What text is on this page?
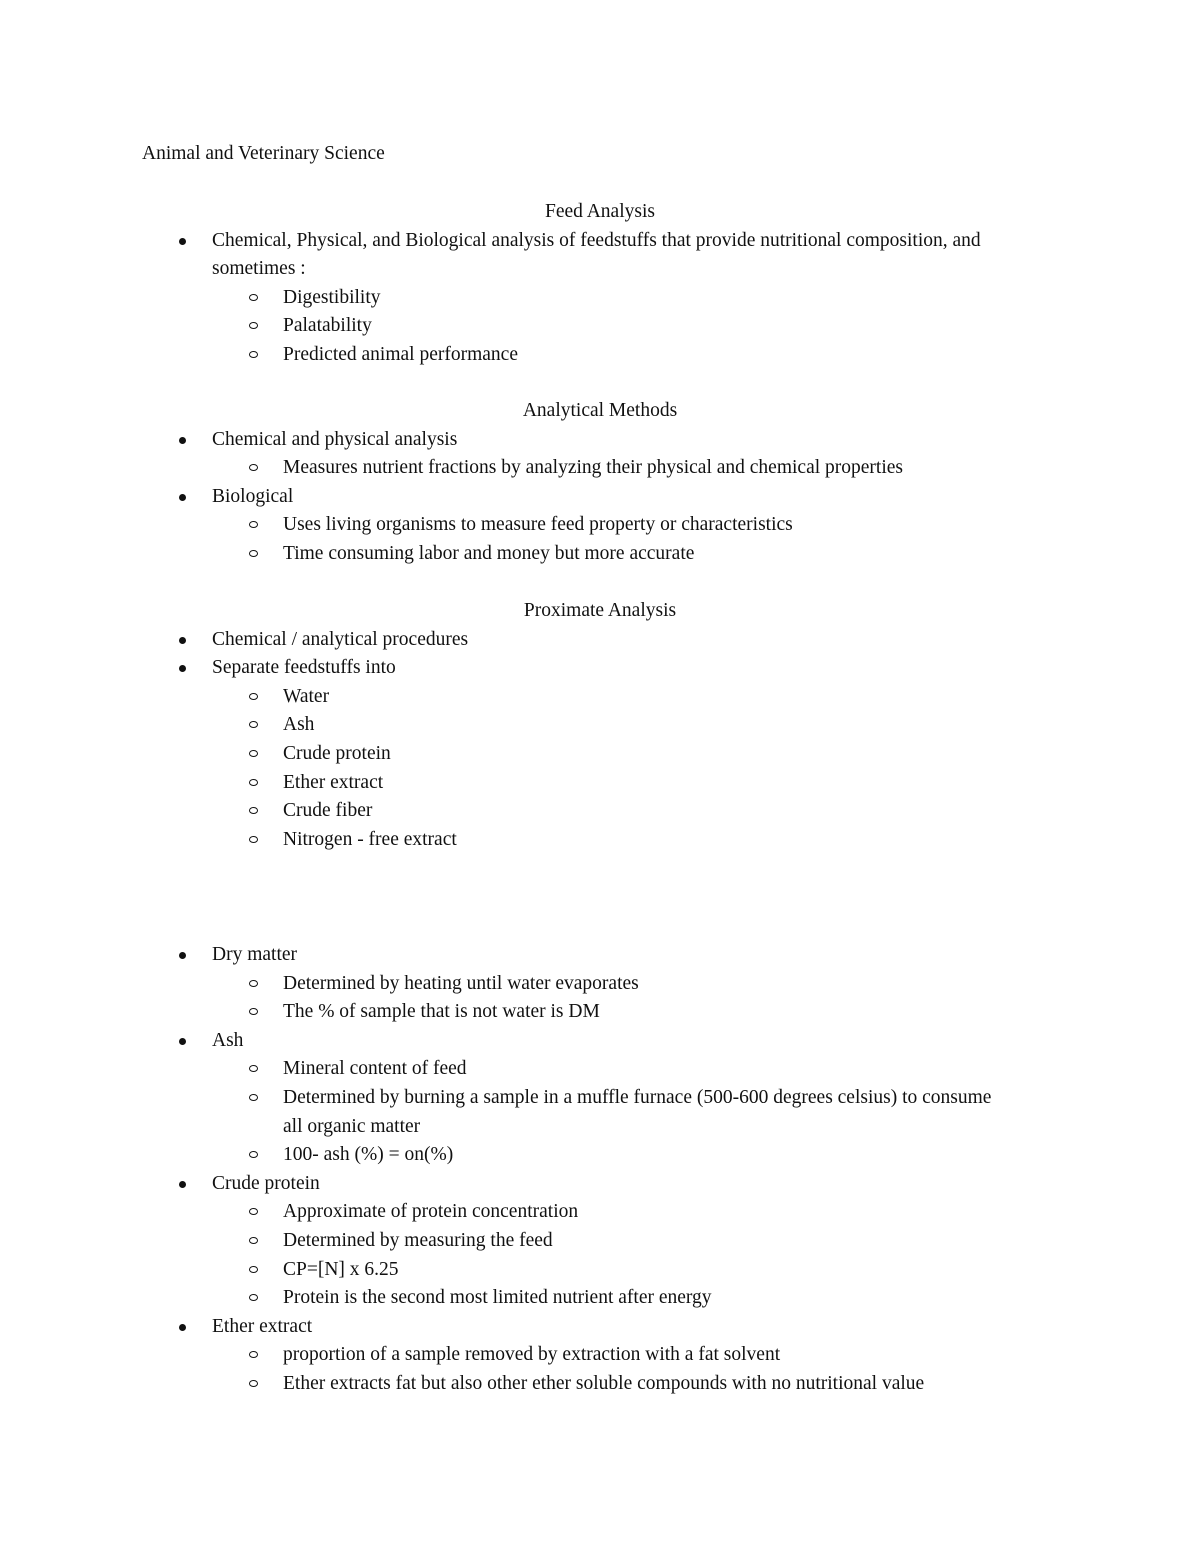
Animal and Veterinary Science
Feed Analysis
Chemical, Physical, and Biological analysis of feedstuffs that provide nutritional composition, and sometimes :
Digestibility
Palatability
Predicted animal performance
Analytical Methods
Chemical and physical analysis
Measures nutrient fractions by analyzing their physical and chemical properties
Biological
Uses living organisms to measure feed property or characteristics
Time consuming labor and money but more accurate
Proximate Analysis
Chemical / analytical procedures
Separate feedstuffs into
Water
Ash
Crude protein
Ether extract
Crude fiber
Nitrogen - free extract
Dry matter
Determined by heating until water evaporates
The % of sample that is not water is DM
Ash
Mineral content of feed
Determined by burning a sample in a muffle furnace (500-600 degrees celsius) to consume all organic matter
100- ash (%) = on(%)
Crude protein
Approximate of protein concentration
Determined by measuring the feed
CP=[N] x 6.25
Protein is the second most limited nutrient after energy
Ether extract
proportion of a sample removed by extraction with a fat solvent
Ether extracts fat but also other ether soluble compounds with no nutritional value
